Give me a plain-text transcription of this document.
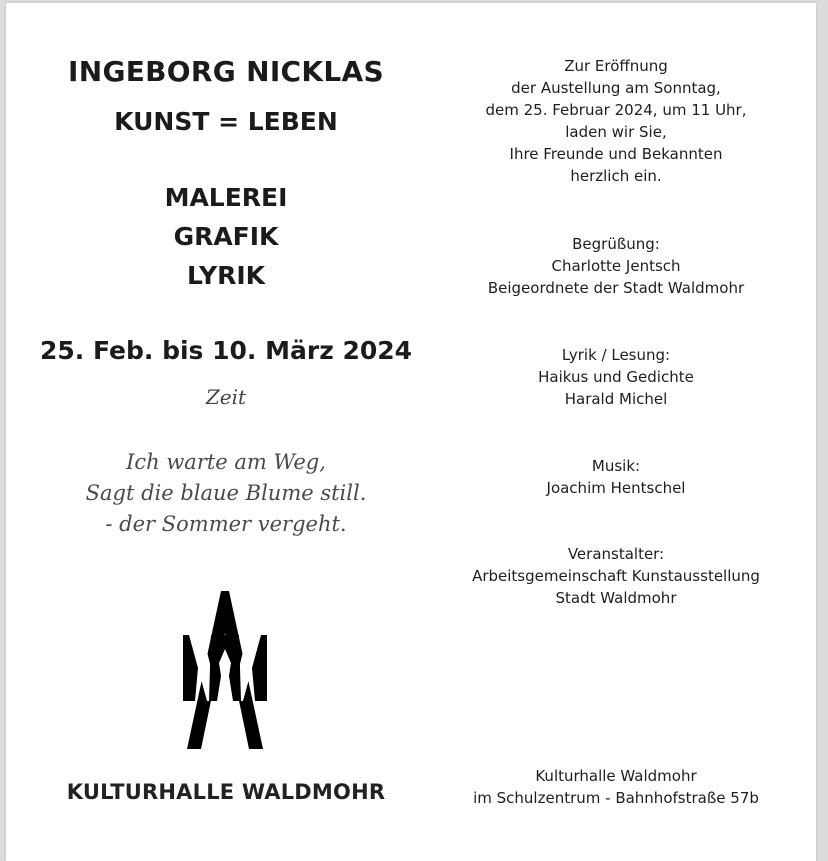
INGEBORG NICKLAS
KUNST = LEBEN
MALEREI
GRAFIK
LYRIK
25. Feb. bis 10. März 2024
Zeit
Ich warte am Weg,
Sagt die blaue Blume still.
- der Sommer vergeht.
KULTURHALLE WALDMOHR
Zur Eröffnung
der Austellung am Sonntag,
dem 25. Februar 2024, um 11 Uhr,
laden wir Sie,
Ihre Freunde und Bekannten
herzlich ein.
Begrüßung:
Charlotte Jentsch
Beigeordnete der Stadt Waldmohr
Lyrik / Lesung:
Haikus und Gedichte
Harald Michel
Musik:
Joachim Hentschel
Veranstalter:
Arbeitsgemeinschaft Kunstausstellung
Stadt Waldmohr
Kulturhalle Waldmohr
im Schulzentrum - Bahnhofstraße 57b
